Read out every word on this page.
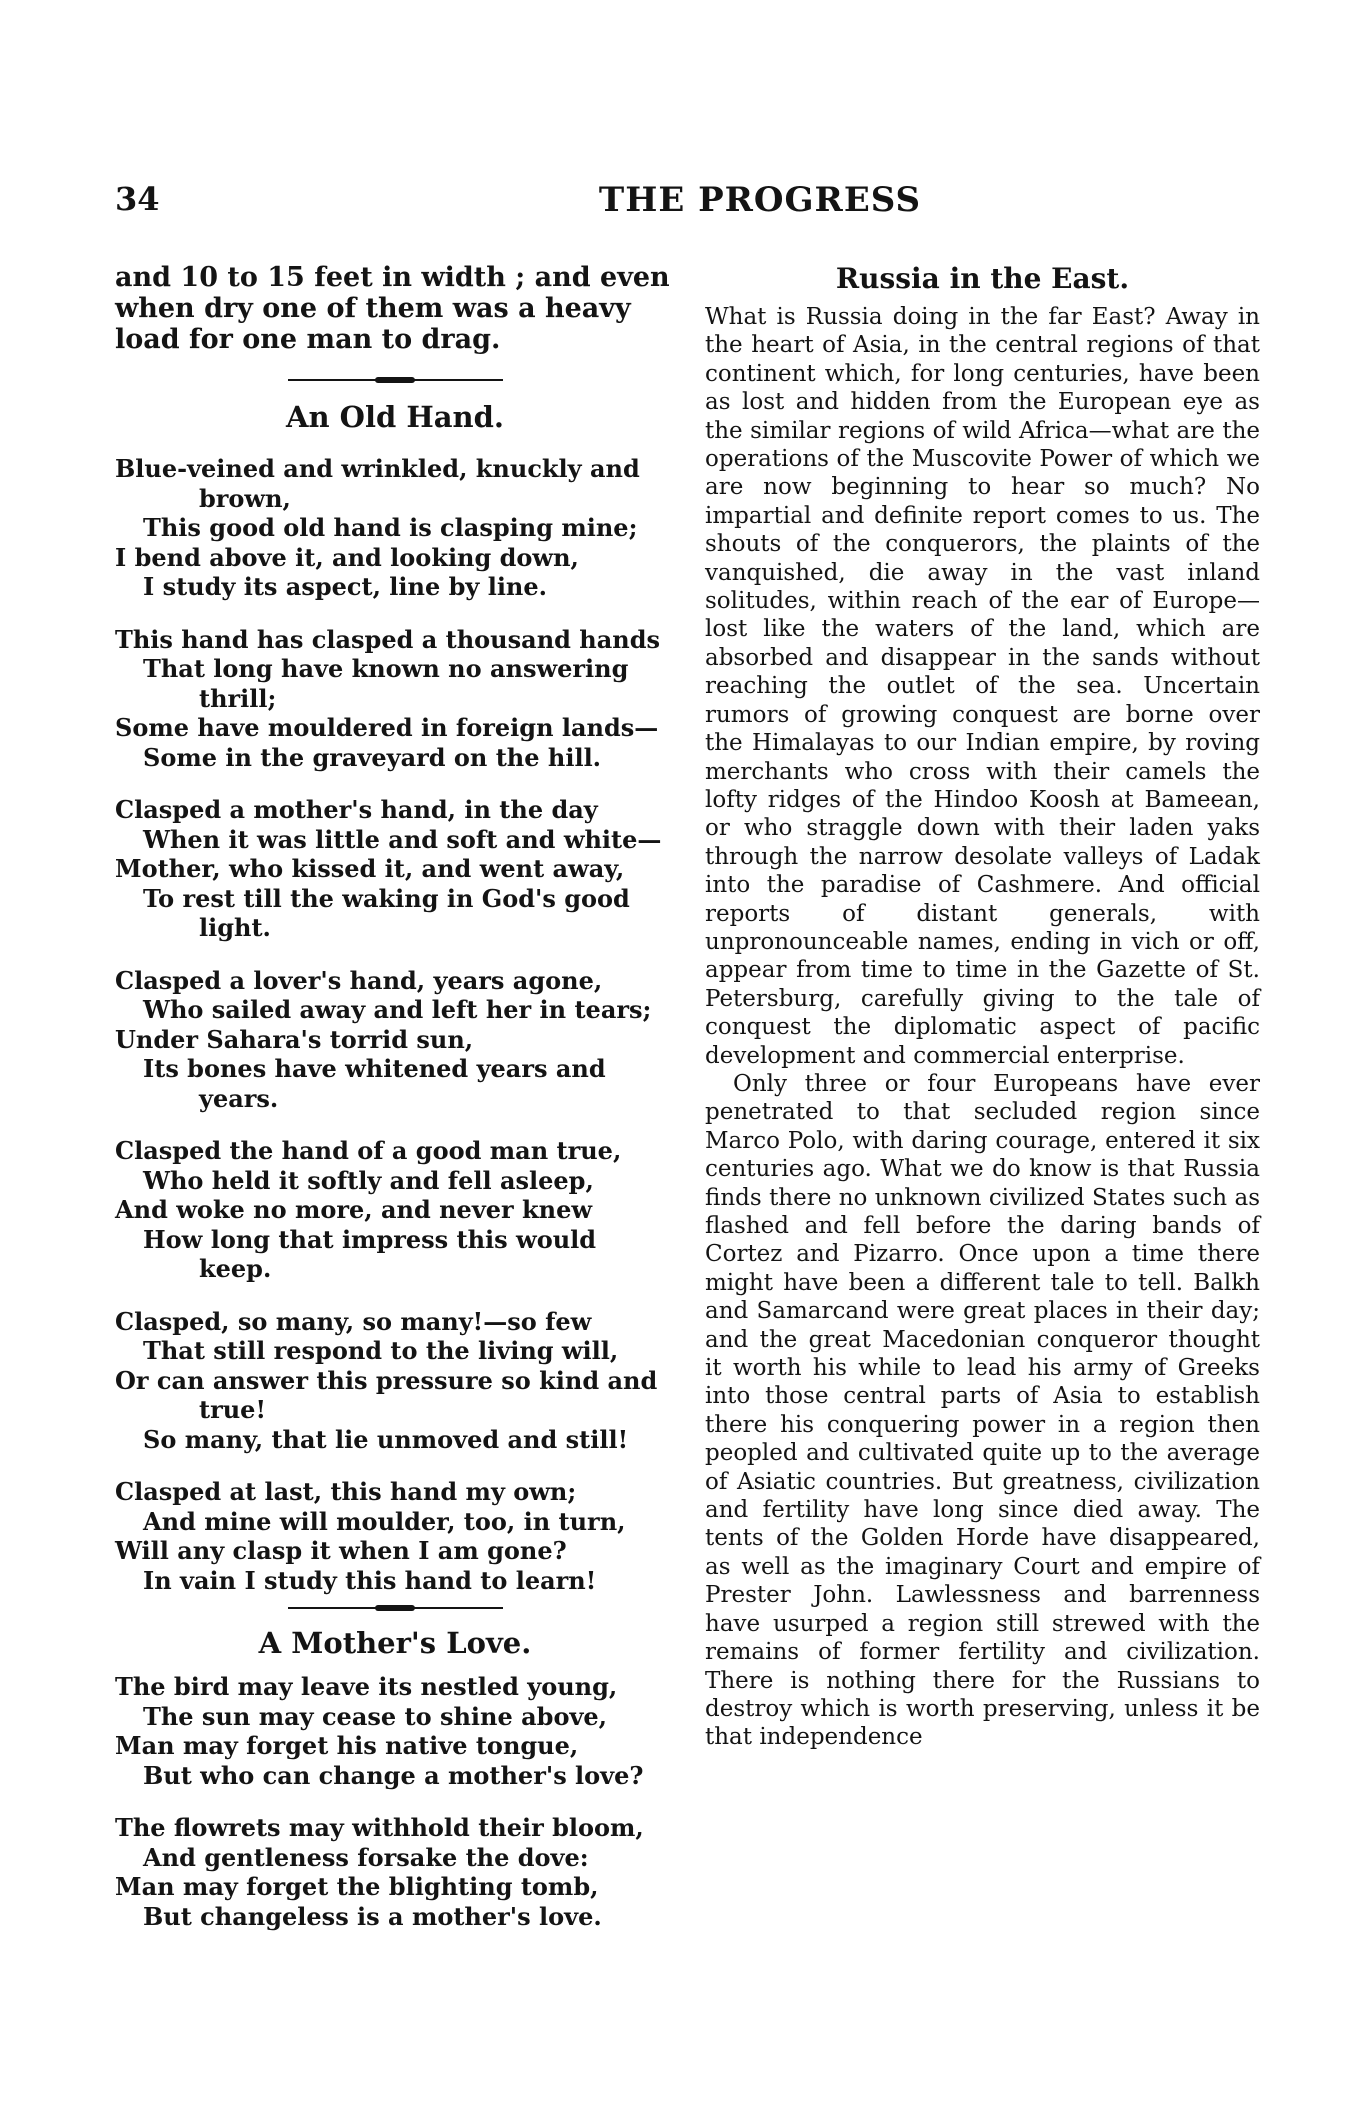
34	THE PROGRESS
and 10 to 15 feet in width ; and even
when dry one of them was a heavy
load for one man to drag.
An Old Hand.
Blue-veined and wrinkled, knuckly and
brown,
This good old hand is clasping mine;
I bend above it, and looking down,
I study its aspect, line by line.
This hand has clasped a thousand hands
That long have known no answering
thrill;
Some have mouldered in foreign lands—
Some in the graveyard on the hill.
Clasped a mother's hand, in the day
When it was little and soft and white—
Mother, who kissed it, and went away,
To rest till the waking in God's good
light.
Clasped a lover's hand, years agone,
Who sailed away and left her in tears;
Under Sahara's torrid sun,
Its bones have whitened years and
years.
Clasped the hand of a good man true,
Who held it softly and fell asleep,
And woke no more, and never knew
How long that impress this would
keep.
Clasped, so many, so many!—so few
That still respond to the living will,
Or can answer this pressure so kind and
true!
So many, that lie unmoved and still!
Clasped at last, this hand my own;
And mine will moulder, too, in turn,
Will any clasp it when I am gone?
In vain I study this hand to learn!
A Mother's Love.
The bird may leave its nestled young,
The sun may cease to shine above,
Man may forget his native tongue,
But who can change a mother's love?
The flowrets may withhold their bloom,
And gentleness forsake the dove:
Man may forget the blighting tomb,
But changeless is a mother's love.
Russia in the East.

What is Russia doing in the far East? Away in the heart of Asia, in the central regions of that continent which, for long centuries, have been as lost and hidden from the European eye as the similar regions of wild Africa—what are the operations of the Muscovite Power of which we are now beginning to hear so much? No impartial and definite report comes to us. The shouts of the conquerors, the plaints of the vanquished, die away in the vast inland solitudes, within reach of the ear of Europe—lost like the waters of the land, which are absorbed and disappear in the sands without reaching the outlet of the sea. Uncertain rumors of growing conquest are borne over the Himalayas to our Indian empire, by roving merchants who cross with their camels the lofty ridges of the Hindoo Koosh at Bameean, or who straggle down with their laden yaks through the narrow desolate valleys of Ladak into the paradise of Cashmere. And official reports of distant generals, with unpronounceable names, ending in vich or off, appear from time to time in the Gazette of St. Petersburg, carefully giving to the tale of conquest the diplomatic aspect of pacific development and commercial enterprise.

Only three or four Europeans have ever penetrated to that secluded region since Marco Polo, with daring courage, entered it six centuries ago. What we do know is that Russia finds there no unknown civilized States such as flashed and fell before the daring bands of Cortez and Pizarro. Once upon a time there might have been a different tale to tell. Balkh and Samarcand were great places in their day; and the great Macedonian conqueror thought it worth his while to lead his army of Greeks into those central parts of Asia to establish there his conquering power in a region then peopled and cultivated quite up to the average of Asiatic countries. But greatness, civilization and fertility have long since died away. The tents of the Golden Horde have disappeared, as well as the imaginary Court and empire of Prester John. Lawlessness and barrenness have usurped a region still strewed with the remains of former fertility and civilization. There is nothing there for the Russians to destroy which is worth preserving, unless it be that independence
